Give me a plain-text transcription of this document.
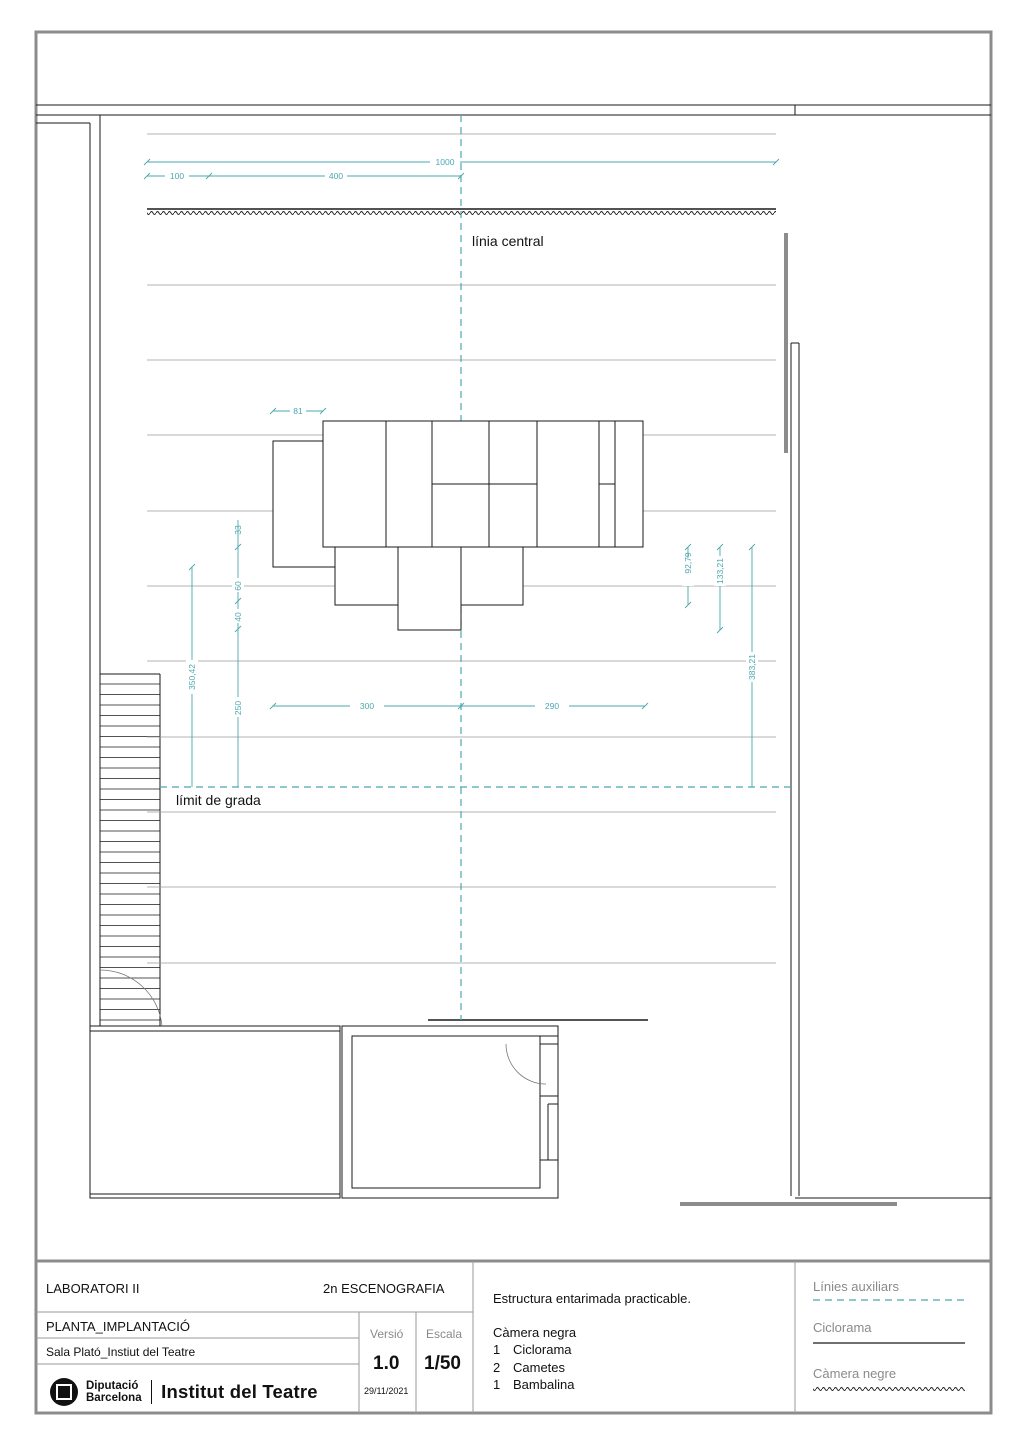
línia central
límit de grada
1000
100	400
81
300	290
33
60
40
250
350,42
92,79	133,21
383,21
LABORATORI II	2n ESCENOGRAFIA
PLANTA_IMPLANTACIÓ
Sala Plató_Instiut del Teatre
Versió
1.0
29/11/2021
Escala
1/50
Diputació
Barcelona Institut del Teatre
Estructura entarimada practicable.
Càmera negra
1 Ciclorama
2 Cametes
1 Bambalina
Línies auxiliars
Ciclorama
Càmera negre
